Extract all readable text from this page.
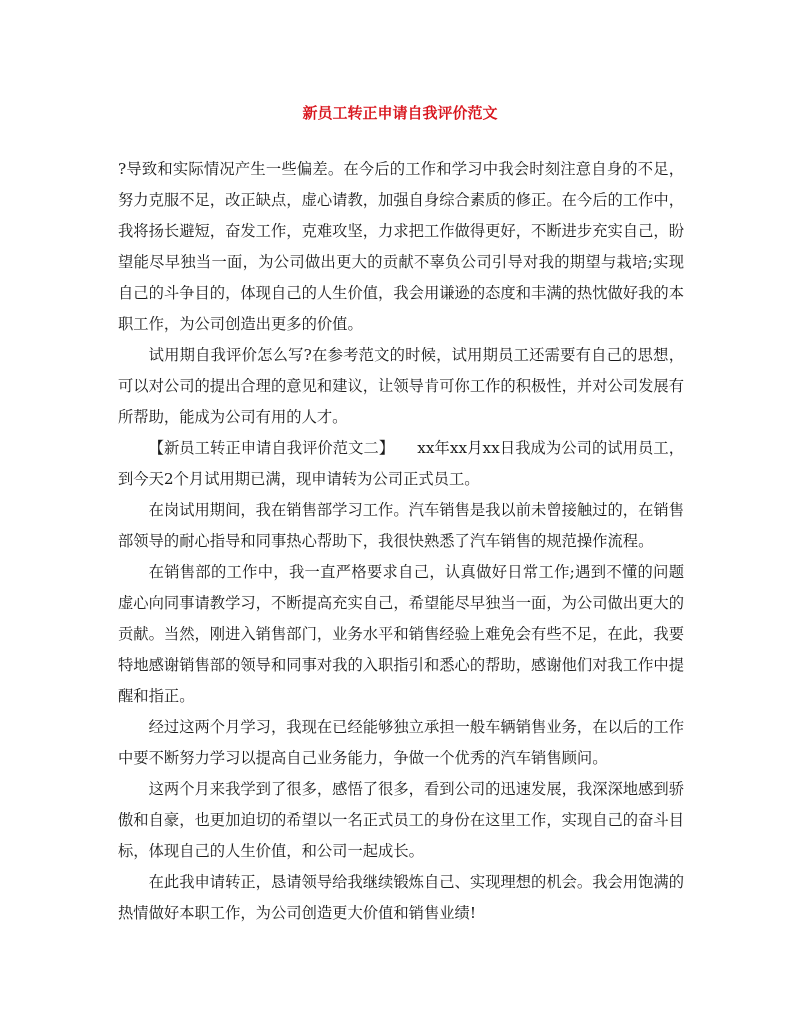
新员工转正申请自我评价范文

?导致和实际情况产生一些偏差。在今后的工作和学习中我会时刻注意自身的不足，努力克服不足，改正缺点，虚心请教，加强自身综合素质的修正。在今后的工作中，我将扬长避短，奋发工作，克难攻坚，力求把工作做得更好，不断进步充实自己，盼望能尽早独当一面，为公司做出更大的贡献不辜负公司引导对我的期望与栽培;实现自己的斗争目的，体现自己的人生价值，我会用谦逊的态度和丰满的热忱做好我的本职工作，为公司创造出更多的价值。

试用期自我评价怎么写?在参考范文的时候，试用期员工还需要有自己的思想，可以对公司的提出合理的意见和建议，让领导肯可你工作的积极性，并对公司发展有所帮助，能成为公司有用的人才。

【新员工转正申请自我评价范文二】　　xx年xx月xx日我成为公司的试用员工，到今天2个月试用期已满，现申请转为公司正式员工。

在岗试用期间，我在销售部学习工作。汽车销售是我以前未曾接触过的，在销售部领导的耐心指导和同事热心帮助下，我很快熟悉了汽车销售的规范操作流程。

在销售部的工作中，我一直严格要求自己，认真做好日常工作;遇到不懂的问题虚心向同事请教学习，不断提高充实自己，希望能尽早独当一面，为公司做出更大的贡献。当然，刚进入销售部门，业务水平和销售经验上难免会有些不足，在此，我要特地感谢销售部的领导和同事对我的入职指引和悉心的帮助，感谢他们对我工作中提醒和指正。

经过这两个月学习，我现在已经能够独立承担一般车辆销售业务，在以后的工作中要不断努力学习以提高自己业务能力，争做一个优秀的汽车销售顾问。

这两个月来我学到了很多，感悟了很多，看到公司的迅速发展，我深深地感到骄傲和自豪，也更加迫切的希望以一名正式员工的身份在这里工作，实现自己的奋斗目标，体现自己的人生价值，和公司一起成长。

在此我申请转正，恳请领导给我继续锻炼自己、实现理想的机会。我会用饱满的热情做好本职工作，为公司创造更大价值和销售业绩!
